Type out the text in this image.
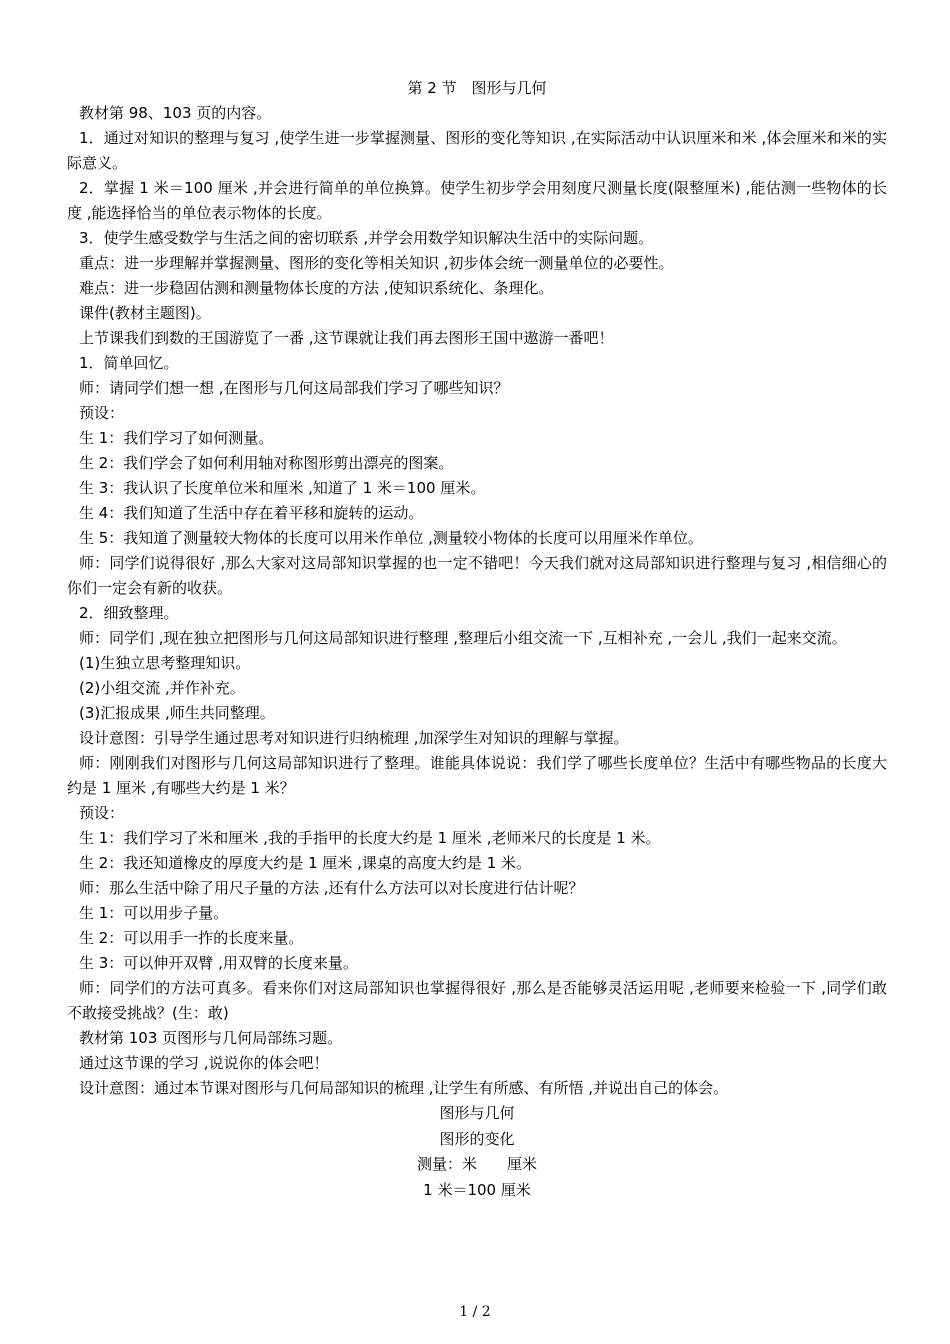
第 2 节　图形与几何

教材第 98、103 页的内容。

1．通过对知识的整理与复习 ,使学生进一步掌握测量、图形的变化等知识 ,在实际活动中认识厘米和米 ,体会厘米和米的实际意义。

2．掌握 1 米＝100 厘米 ,并会进行简单的单位换算。使学生初步学会用刻度尺测量长度(限整厘米) ,能估测一些物体的长度 ,能选择恰当的单位表示物体的长度。

3．使学生感受数学与生活之间的密切联系 ,并学会用数学知识解决生活中的实际问题。

重点：进一步理解并掌握测量、图形的变化等相关知识 ,初步体会统一测量单位的必要性。

难点：进一步稳固估测和测量物体长度的方法 ,使知识系统化、条理化。

课件(教材主题图)。

上节课我们到数的王国游览了一番 ,这节课就让我们再去图形王国中遨游一番吧！

1．简单回忆。

师：请同学们想一想 ,在图形与几何这局部我们学习了哪些知识？

预设：

生 1：我们学习了如何测量。

生 2：我们学会了如何利用轴对称图形剪出漂亮的图案。

生 3：我认识了长度单位米和厘米 ,知道了 1 米＝100 厘米。

生 4：我们知道了生活中存在着平移和旋转的运动。

生 5：我知道了测量较大物体的长度可以用米作单位 ,测量较小物体的长度可以用厘米作单位。

师：同学们说得很好 ,那么大家对这局部知识掌握的也一定不错吧！今天我们就对这局部知识进行整理与复习 ,相信细心的你们一定会有新的收获。

2．细致整理。

师：同学们 ,现在独立把图形与几何这局部知识进行整理 ,整理后小组交流一下 ,互相补充 ,一会儿 ,我们一起来交流。

(1)生独立思考整理知识。

(2)小组交流 ,并作补充。

(3)汇报成果 ,师生共同整理。

设计意图：引导学生通过思考对知识进行归纳梳理 ,加深学生对知识的理解与掌握。

师：刚刚我们对图形与几何这局部知识进行了整理。谁能具体说说：我们学了哪些长度单位？生活中有哪些物品的长度大约是 1 厘米 ,有哪些大约是 1 米？

预设：

生 1：我们学习了米和厘米 ,我的手指甲的长度大约是 1 厘米 ,老师米尺的长度是 1 米。

生 2：我还知道橡皮的厚度大约是 1 厘米 ,课桌的高度大约是 1 米。

师：那么生活中除了用尺子量的方法 ,还有什么方法可以对长度进行估计呢？

生 1：可以用步子量。

生 2：可以用手一拃的长度来量。

生 3：可以伸开双臂 ,用双臂的长度来量。

师：同学们的方法可真多。看来你们对这局部知识也掌握得很好 ,那么是否能够灵活运用呢 ,老师要来检验一下 ,同学们敢不敢接受挑战？(生：敢)

教材第 103 页图形与几何局部练习题。

通过这节课的学习 ,说说你的体会吧！

设计意图：通过本节课对图形与几何局部知识的梳理 ,让学生有所感、有所悟 ,并说出自己的体会。

图形与几何

图形的变化

测量：米　　厘米

1 米＝100 厘米

1 / 2
